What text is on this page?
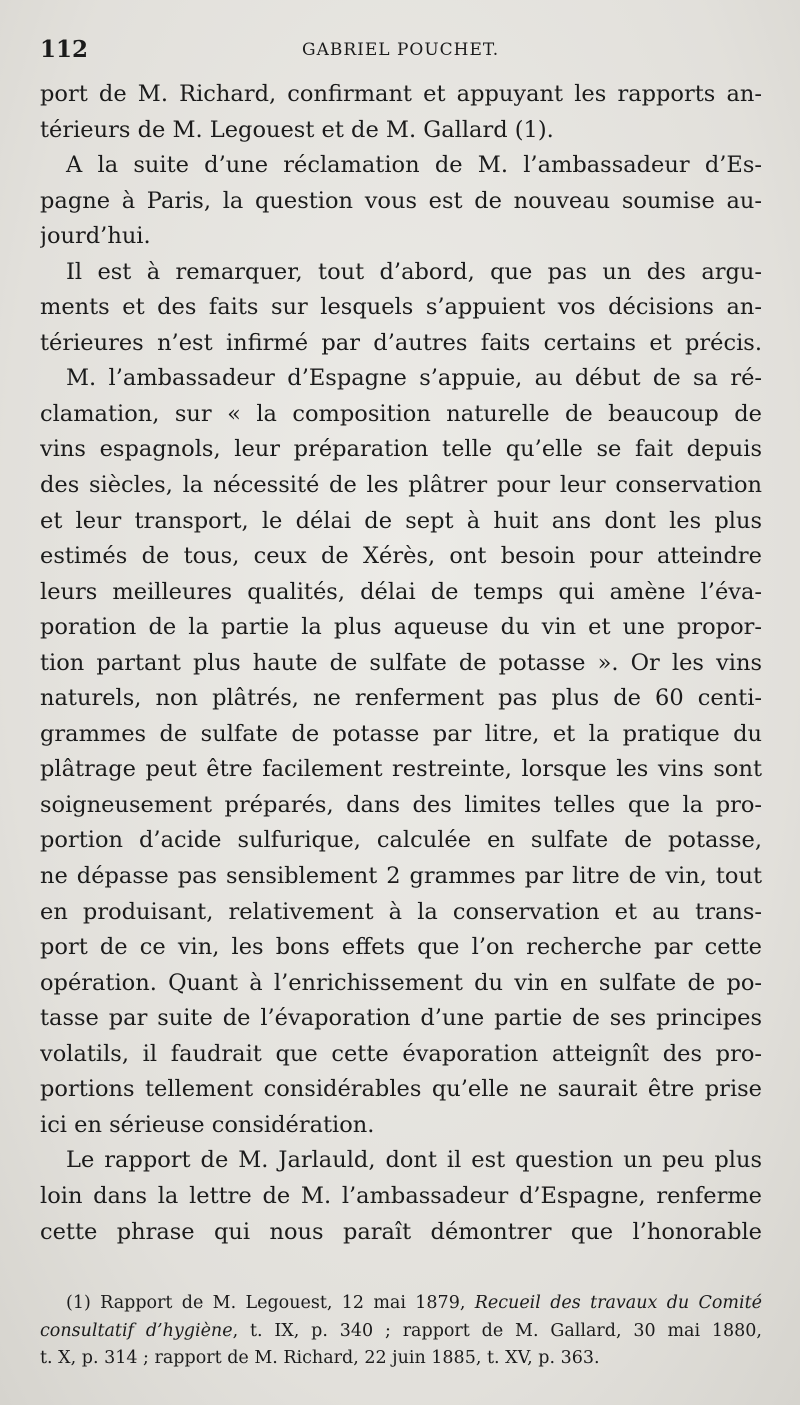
112	GABRIEL POUCHET.
port de M. Richard, confirmant et appuyant les rapports an-
térieurs de M. Legouest et de M. Gallard (1).
A la suite d’une réclamation de M. l’ambassadeur d’Es-
pagne à Paris, la question vous est de nouveau soumise au-
jourd’hui.
Il est à remarquer, tout d’abord, que pas un des argu-
ments et des faits sur lesquels s’appuient vos décisions an-
térieures n’est infirmé par d’autres faits certains et précis.
M. l’ambassadeur d’Espagne s’appuie, au début de sa ré-
clamation, sur « la composition naturelle de beaucoup de
vins espagnols, leur préparation telle qu’elle se fait depuis
des siècles, la nécessité de les plâtrer pour leur conservation
et leur transport, le délai de sept à huit ans dont les plus
estimés de tous, ceux de Xérès, ont besoin pour atteindre
leurs meilleures qualités, délai de temps qui amène l’éva-
poration de la partie la plus aqueuse du vin et une propor-
tion partant plus haute de sulfate de potasse ». Or les vins
naturels, non plâtrés, ne renferment pas plus de 60 centi-
grammes de sulfate de potasse par litre, et la pratique du
plâtrage peut être facilement restreinte, lorsque les vins sont
soigneusement préparés, dans des limites telles que la pro-
portion d’acide sulfurique, calculée en sulfate de potasse,
ne dépasse pas sensiblement 2 grammes par litre de vin, tout
en produisant, relativement à la conservation et au trans-
port de ce vin, les bons effets que l’on recherche par cette
opération. Quant à l’enrichissement du vin en sulfate de po-
tasse par suite de l’évaporation d’une partie de ses principes
volatils, il faudrait que cette évaporation atteignît des pro-
portions tellement considérables qu’elle ne saurait être prise
ici en sérieuse considération.
Le rapport de M. Jarlauld, dont il est question un peu plus
loin dans la lettre de M. l’ambassadeur d’Espagne, renferme
cette phrase qui nous paraît démontrer que l’honorable
(1) Rapport de M. Legouest, 12 mai 1879, Recueil des travaux du Comité
consultatif d’hygiène, t. IX, p. 340 ; rapport de M. Gallard, 30 mai 1880,
t. X, p. 314 ; rapport de M. Richard, 22 juin 1885, t. XV, p. 363.
